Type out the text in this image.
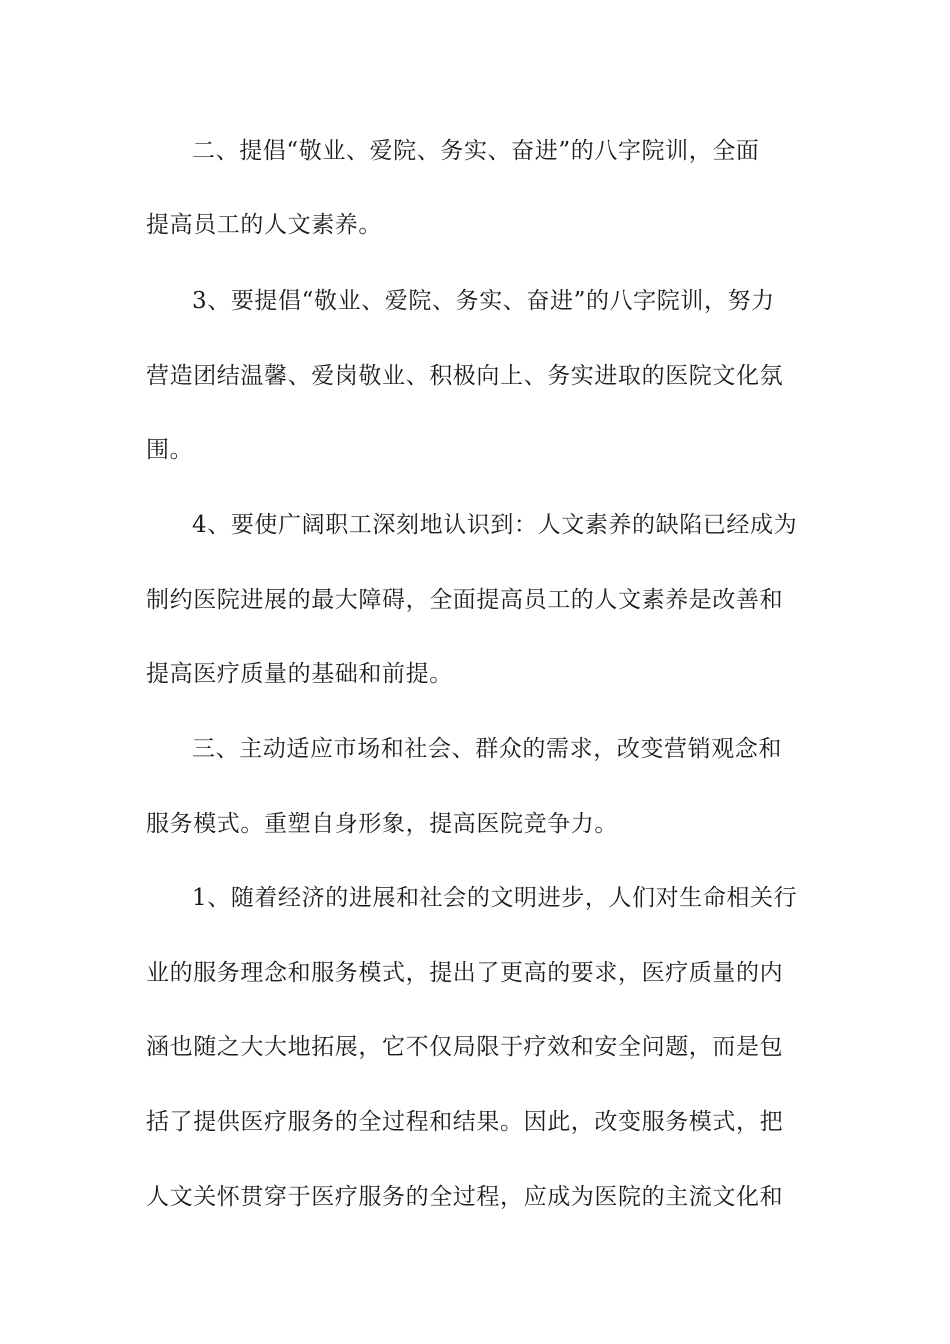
二、提倡“敬业、爱院、务实、奋进”的八字院训，全面
提高员工的人文素养。
3、要提倡“敬业、爱院、务实、奋进”的八字院训，努力
营造团结温馨、爱岗敬业、积极向上、务实进取的医院文化氛
围。
4、要使广阔职工深刻地认识到：人文素养的缺陷已经成为
制约医院进展的最大障碍，全面提高员工的人文素养是改善和
提高医疗质量的基础和前提。
三、主动适应市场和社会、群众的需求，改变营销观念和
服务模式。重塑自身形象，提高医院竞争力。
1、随着经济的进展和社会的文明进步，人们对生命相关行
业的服务理念和服务模式，提出了更高的要求，医疗质量的内
涵也随之大大地拓展，它不仅局限于疗效和安全问题，而是包
括了提供医疗服务的全过程和结果。因此，改变服务模式，把
人文关怀贯穿于医疗服务的全过程，应成为医院的主流文化和
